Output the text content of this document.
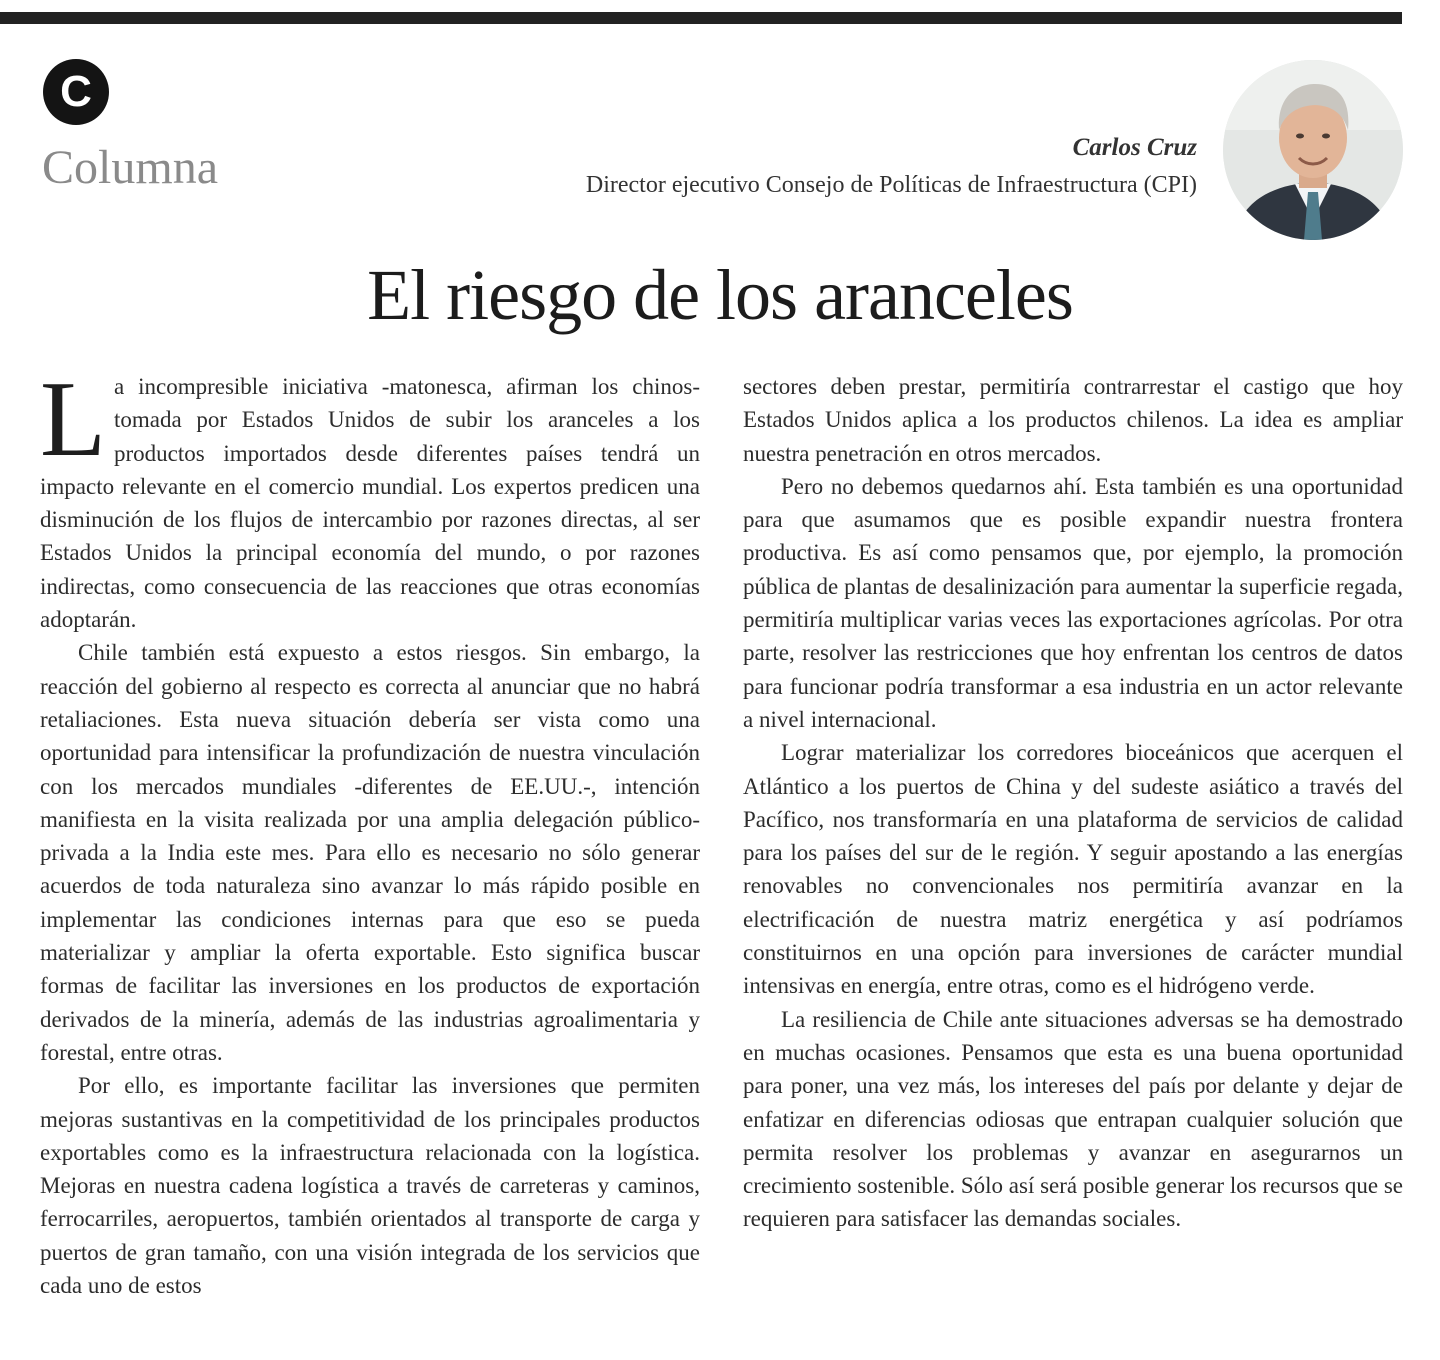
C
Columna	Carlos Cruz
Director ejecutivo Consejo de Políticas de Infraestructura (CPI)
El riesgo de los aranceles

La incompresible iniciativa -matonesca, afirman los chinos- tomada por Estados Unidos de subir los aranceles a los productos importados desde diferentes países tendrá un impacto relevante en el comercio mundial. Los expertos predicen una disminución de los flujos de intercambio por razones directas, al ser Estados Unidos la principal economía del mundo, o por razones indirectas, como consecuencia de las reacciones que otras economías adoptarán.

Chile también está expuesto a estos riesgos. Sin embargo, la reacción del gobierno al respecto es correcta al anunciar que no habrá retaliaciones. Esta nueva situación debería ser vista como una oportunidad para intensificar la profundización de nuestra vinculación con los mercados mundiales -diferentes de EE.UU.-, intención manifiesta en la visita realizada por una amplia delegación público-privada a la India este mes. Para ello es necesario no sólo generar acuerdos de toda naturaleza sino avanzar lo más rápido posible en implementar las condiciones internas para que eso se pueda materializar y ampliar la oferta exportable. Esto significa buscar formas de facilitar las inversiones en los productos de exportación derivados de la minería, además de las industrias agroalimentaria y forestal, entre otras.

Por ello, es importante facilitar las inversiones que permiten mejoras sustantivas en la competitividad de los principales productos exportables como es la infraestructura relacionada con la logística. Mejoras en nuestra cadena logística a través de carreteras y caminos, ferrocarriles, aeropuertos, también orientados al transporte de carga y puertos de gran tamaño, con una visión integrada de los servicios que cada uno de estos

sectores deben prestar, permitiría contrarrestar el castigo que hoy Estados Unidos aplica a los productos chilenos. La idea es ampliar nuestra penetración en otros mercados.

Pero no debemos quedarnos ahí. Esta también es una oportunidad para que asumamos que es posible expandir nuestra frontera productiva. Es así como pensamos que, por ejemplo, la promoción pública de plantas de desalinización para aumentar la superficie regada, permitiría multiplicar varias veces las exportaciones agrícolas. Por otra parte, resolver las restricciones que hoy enfrentan los centros de datos para funcionar podría transformar a esa industria en un actor relevante a nivel internacional.

Lograr materializar los corredores bioceánicos que acerquen el Atlántico a los puertos de China y del sudeste asiático a través del Pacífico, nos transformaría en una plataforma de servicios de calidad para los países del sur de le región. Y seguir apostando a las energías renovables no convencionales nos permitiría avanzar en la electrificación de nuestra matriz energética y así podríamos constituirnos en una opción para inversiones de carácter mundial intensivas en energía, entre otras, como es el hidrógeno verde.

La resiliencia de Chile ante situaciones adversas se ha demostrado en muchas ocasiones. Pensamos que esta es una buena oportunidad para poner, una vez más, los intereses del país por delante y dejar de enfatizar en diferencias odiosas que entrapan cualquier solución que permita resolver los problemas y avanzar en asegurarnos un crecimiento sostenible. Sólo así será posible generar los recursos que se requieren para satisfacer las demandas sociales.
